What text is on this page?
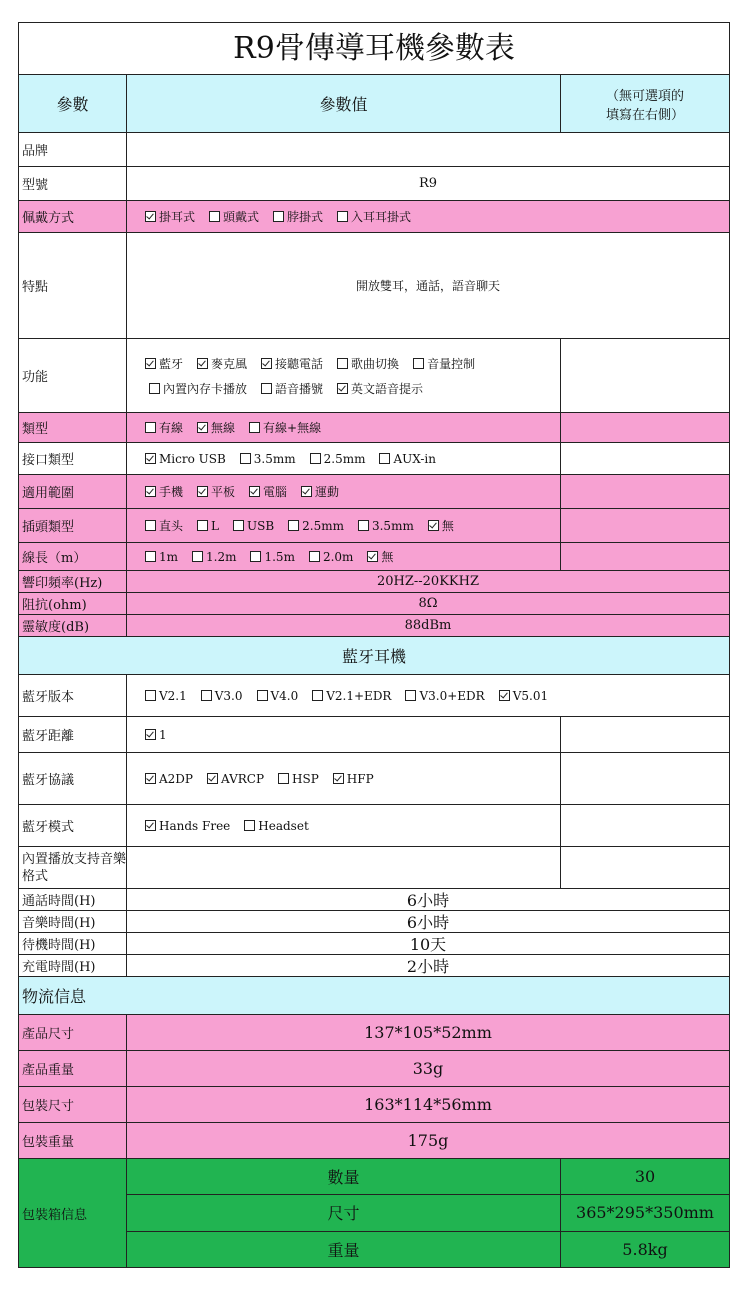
R9骨傳導耳機參數表
參數	參數值	（無可選項的
填寫在右側）
品牌
型號	R9
佩戴方式	掛耳式 頭戴式 脖掛式 入耳耳掛式
特點	開放雙耳，通話，語音聊天
功能
藍牙 麥克風 接聽電話 歌曲切換 音量控制
內置內存卡播放 語音播號 英文語音提示
類型	有線 無線 有線+無線
接口類型	Micro USB 3.5mm 2.5mm AUX-in
適用範圍	手機 平板 電腦 運動
插頭類型	直头 L USB 2.5mm 3.5mm 無
線長（m）	1m 1.2m 1.5m 2.0m 無
響印頻率(Hz)	20HZ--20KKHZ
阻抗(ohm)	8Ω
靈敏度(dB)	88dBm
藍牙耳機
藍牙版本	V2.1 V3.0 V4.0 V2.1+EDR V3.0+EDR V5.01
藍牙距離	1
藍牙協議	A2DP AVRCP HSP HFP
藍牙模式	Hands Free Headset
內置播放支持音樂格式
通話時間(H)	6小時
音樂時間(H)	6小時
待機時間(H)	10天
充電時間(H)	2小時
物流信息
產品尺寸	137*105*52mm
產品重量	33g
包裝尺寸	163*114*56mm
包裝重量	175g
包裝箱信息
數量	30
尺寸	365*295*350mm
重量	5.8kg
